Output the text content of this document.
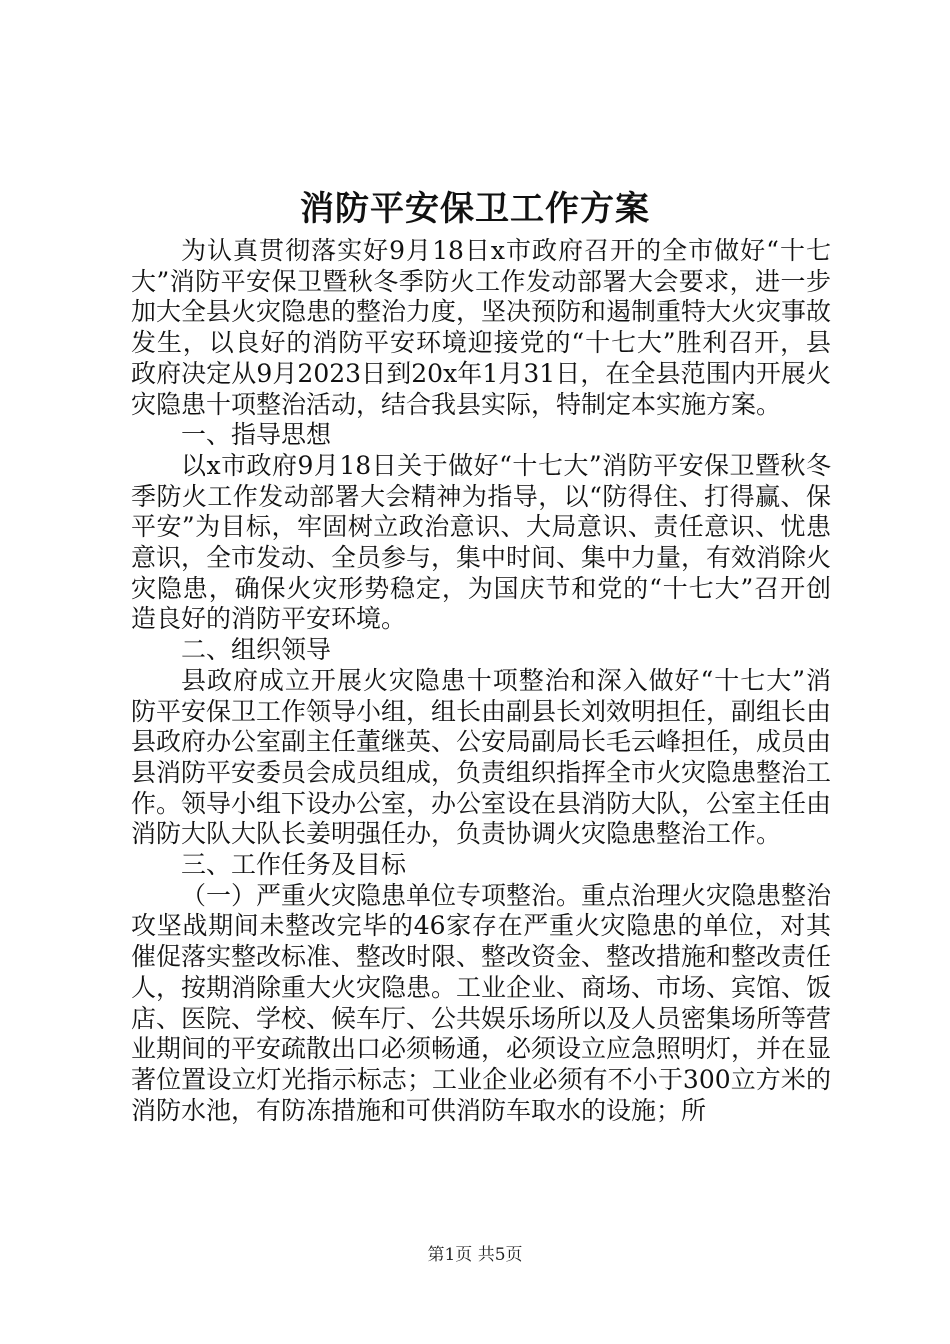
消防平安保卫工作方案

为认真贯彻落实好9月18日x市政府召开的全市做好“十七大”消防平安保卫暨秋冬季防火工作发动部署大会要求，进一步加大全县火灾隐患的整治力度，坚决预防和遏制重特大火灾事故发生，以良好的消防平安环境迎接党的“十七大”胜利召开，县政府决定从9月2023日到20x年1月31日，在全县范围内开展火灾隐患十项整治活动，结合我县实际，特制定本实施方案。

一、指导思想

以x市政府9月18日关于做好“十七大”消防平安保卫暨秋冬季防火工作发动部署大会精神为指导，以“防得住、打得赢、保平安”为目标，牢固树立政治意识、大局意识、责任意识、忧患意识，全市发动、全员参与，集中时间、集中力量，有效消除火灾隐患，确保火灾形势稳定，为国庆节和党的“十七大”召开创造良好的消防平安环境。

二、组织领导

县政府成立开展火灾隐患十项整治和深入做好“十七大”消防平安保卫工作领导小组，组长由副县长刘效明担任，副组长由县政府办公室副主任董继英、公安局副局长毛云峰担任，成员由县消防平安委员会成员组成，负责组织指挥全市火灾隐患整治工作。领导小组下设办公室，办公室设在县消防大队，公室主任由消防大队大队长姜明强任办，负责协调火灾隐患整治工作。

三、工作任务及目标

（一）严重火灾隐患单位专项整治。重点治理火灾隐患整治攻坚战期间未整改完毕的46家存在严重火灾隐患的单位，对其催促落实整改标准、整改时限、整改资金、整改措施和整改责任人，按期消除重大火灾隐患。工业企业、商场、市场、宾馆、饭店、医院、学校、候车厅、公共娱乐场所以及人员密集场所等营业期间的平安疏散出口必须畅通，必须设立应急照明灯，并在显著位置设立灯光指示标志；工业企业必须有不小于300立方米的消防水池，有防冻措施和可供消防车取水的设施；所

第1页 共5页
